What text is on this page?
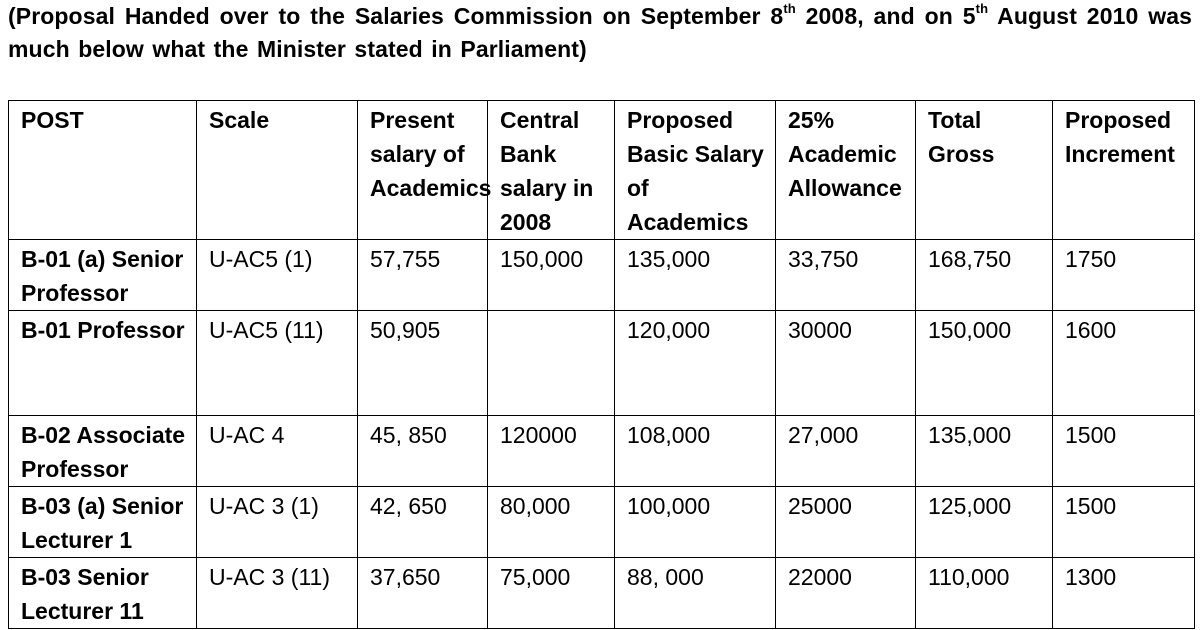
(Proposal Handed over to the Salaries Commission on September 8th 2008, and on 5th August 2010 was much below what the Minister stated in Parliament)
POST	Scale	Present salary of Academics	Central Bank salary in 2008	Proposed Basic Salary of Academics	25% Academic Allowance	Total Gross	Proposed Increment
B-01 (a) Senior Professor	U-AC5 (1)	57,755	150,000	135,000	33,750	168,750	1750
B-01 Professor	U-AC5 (11)	50,905		120,000	30000	150,000	1600
B-02 Associate Professor	U-AC 4	45, 850	120000	108,000	27,000	135,000	1500
B-03 (a) Senior Lecturer 1	U-AC 3 (1)	42, 650	80,000	100,000	25000	125,000	1500
B-03 Senior Lecturer 11	U-AC 3 (11)	37,650	75,000	88, 000	22000	110,000	1300
